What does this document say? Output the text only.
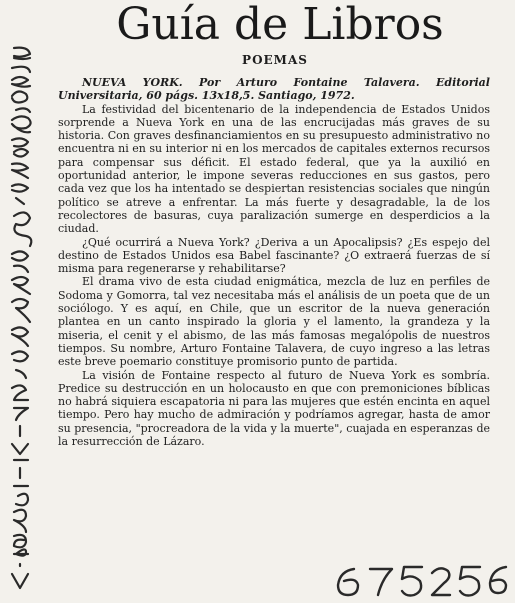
Guía de Libros
POEMAS

NUEVA YORK. Por Arturo Fontaine Talavera. Editorial Universitaria, 60 págs. 13x18,5. Santiago, 1972.

La festividad del bicentenario de la independencia de Estados Unidos sorprende a Nueva York en una de las encrucijadas más graves de su historia. Con graves desfinanciamientos en su presupuesto administrativo no encuentra ni en su interior ni en los mercados de capitales externos recursos para compensar sus déficit. El estado federal, que ya la auxilió en oportunidad anterior, le impone severas reducciones en sus gastos, pero cada vez que los ha intentado se despiertan resistencias sociales que ningún político se atreve a enfrentar. La más fuerte y desagradable, la de los recolectores de basuras, cuya paralización sumerge en desperdicios a la ciudad.

¿Qué ocurrirá a Nueva York? ¿Deriva a un Apocalipsis? ¿Es espejo del destino de Estados Unidos esa Babel fascinante? ¿O extraerá fuerzas de sí misma para regenerarse y rehabilitarse?

El drama vivo de esta ciudad enigmática, mezcla de luz en perfiles de Sodoma y Gomorra, tal vez necesitaba más el análisis de un poeta que de un sociólogo. Y es aquí, en Chile, que un escritor de la nueva generación plantea en un canto inspirado la gloria y el lamento, la grandeza y la miseria, el cenit y el abismo, de las más famosas megalópolis de nuestros tiempos. Su nombre, Arturo Fontaine Talavera, de cuyo ingreso a las letras este breve poemario constituye promisorio punto de partida.

La visión de Fontaine respecto al futuro de Nueva York es sombría. Predice su destrucción en un holocausto en que con premoniciones bíblicas no habrá siquiera escapatoria ni para las mujeres que estén encinta en aquel tiempo. Pero hay mucho de admiración y podríamos agregar, hasta de amor su presencia, "procreadora de la vida y la muerte", cuajada en esperanzas de la resurrección de Lázaro.
